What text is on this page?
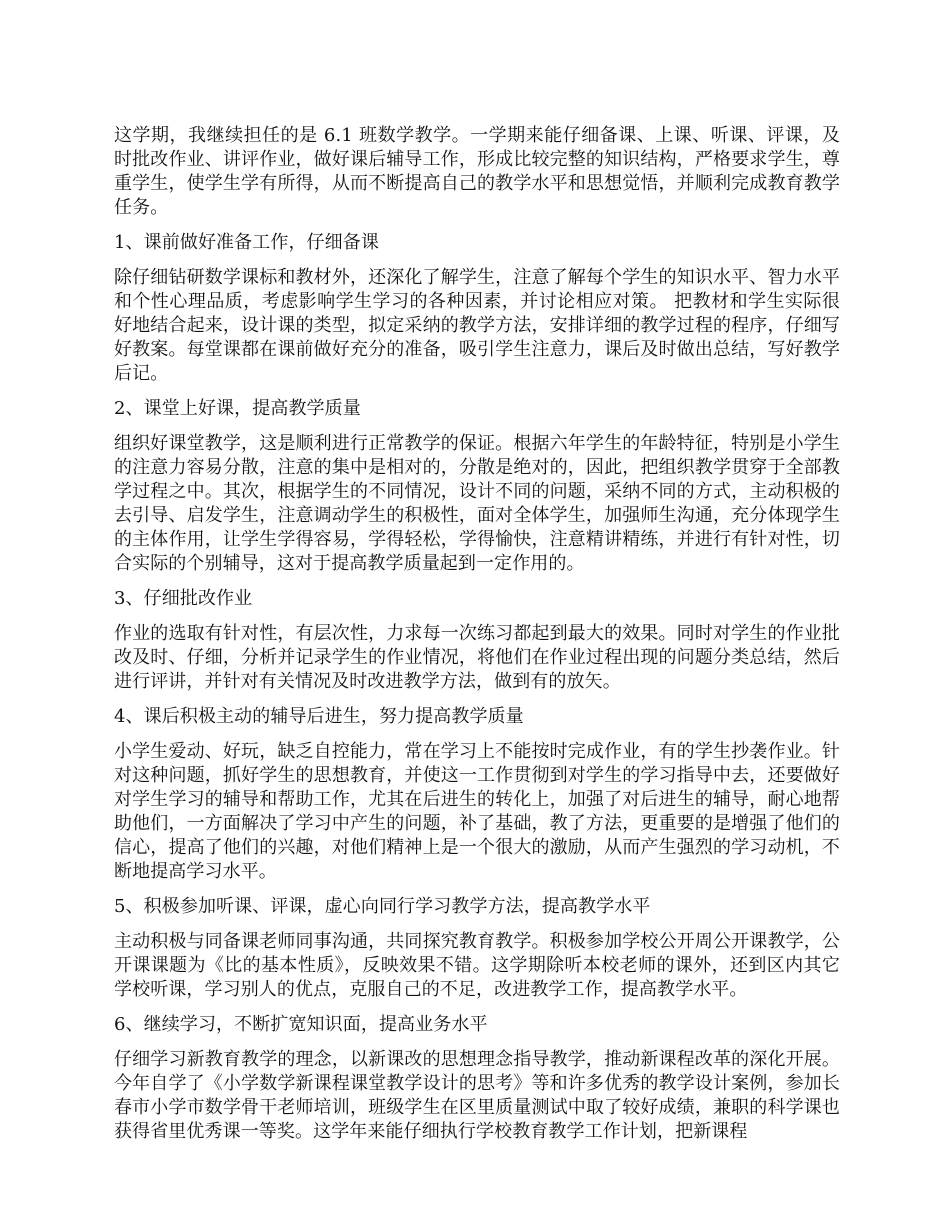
这学期，我继续担任的是 6.1 班数学教学。一学期来能仔细备课、上课、听课、评课，及时批改作业、讲评作业，做好课后辅导工作，形成比较完整的知识结构，严格要求学生，尊重学生，使学生学有所得，从而不断提高自己的教学水平和思想觉悟，并顺利完成教育教学任务。

1、课前做好准备工作，仔细备课

除仔细钻研数学课标和教材外，还深化了解学生，注意了解每个学生的知识水平、智力水平和个性心理品质，考虑影响学生学习的各种因素，并讨论相应对策。 把教材和学生实际很好地结合起来，设计课的类型，拟定采纳的教学方法，安排详细的教学过程的程序，仔细写好教案。每堂课都在课前做好充分的准备，吸引学生注意力，课后及时做出总结，写好教学后记。

2、课堂上好课，提高教学质量

组织好课堂教学，这是顺利进行正常教学的保证。根据六年学生的年龄特征，特别是小学生的注意力容易分散，注意的集中是相对的，分散是绝对的，因此，把组织教学贯穿于全部教学过程之中。其次，根据学生的不同情况，设计不同的问题，采纳不同的方式，主动积极的去引导、启发学生，注意调动学生的积极性，面对全体学生，加强师生沟通，充分体现学生的主体作用，让学生学得容易，学得轻松，学得愉快，注意精讲精练，并进行有针对性，切合实际的个别辅导，这对于提高教学质量起到一定作用的。

3、仔细批改作业

作业的选取有针对性，有层次性，力求每一次练习都起到最大的效果。同时对学生的作业批改及时、仔细，分析并记录学生的作业情况，将他们在作业过程出现的问题分类总结，然后进行评讲，并针对有关情况及时改进教学方法，做到有的放矢。

4、课后积极主动的辅导后进生，努力提高教学质量

小学生爱动、好玩，缺乏自控能力，常在学习上不能按时完成作业，有的学生抄袭作业。针对这种问题，抓好学生的思想教育，并使这一工作贯彻到对学生的学习指导中去，还要做好对学生学习的辅导和帮助工作，尤其在后进生的转化上，加强了对后进生的辅导，耐心地帮助他们，一方面解决了学习中产生的问题，补了基础，教了方法，更重要的是增强了他们的信心，提高了他们的兴趣，对他们精神上是一个很大的激励，从而产生强烈的学习动机，不断地提高学习水平。

5、积极参加听课、评课，虚心向同行学习教学方法，提高教学水平

主动积极与同备课老师同事沟通，共同探究教育教学。积极参加学校公开周公开课教学，公开课课题为《比的基本性质》，反映效果不错。这学期除听本校老师的课外，还到区内其它学校听课，学习别人的优点，克服自己的不足，改进教学工作，提高教学水平。

6、继续学习，不断扩宽知识面，提高业务水平

仔细学习新教育教学的理念，以新课改的思想理念指导教学，推动新课程改革的深化开展。今年自学了《小学数学新课程课堂教学设计的思考》等和许多优秀的教学设计案例，参加长春市小学市数学骨干老师培训，班级学生在区里质量测试中取了较好成绩，兼职的科学课也获得省里优秀课一等奖。这学年来能仔细执行学校教育教学工作计划，把新课程
